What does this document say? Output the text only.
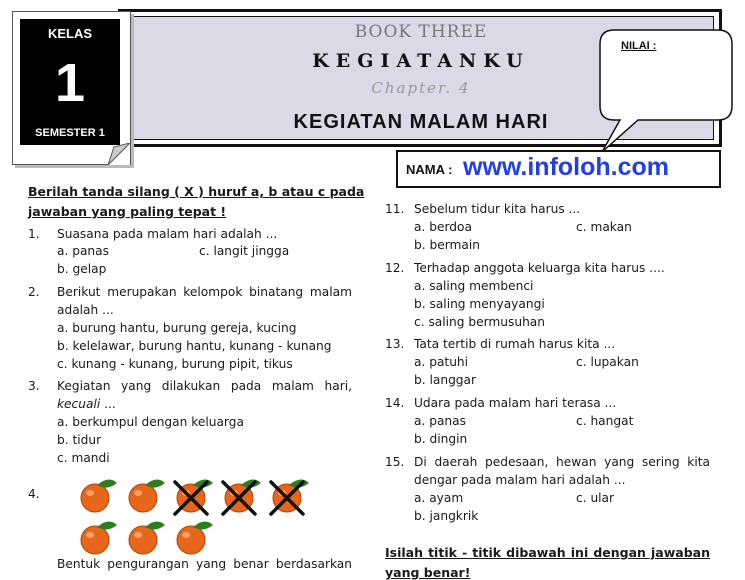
BOOK THREE
KEGIATANKU
Chapter. 4
KEGIATAN MALAM HARI
KELAS
1
SEMESTER 1
NILAI :
NAMA : www.infoloh.com
Berilah tanda silang ( X ) huruf a, b atau c pada
jawaban yang paling tepat !
1. Suasana pada malam hari adalah ...
a. panas	c. langit jingga
b. gelap
2. Berikut merupakan kelompok binatang malam
adalah ...
a. burung hantu, burung gereja, kucing
b. kelelawar, burung hantu, kunang - kunang
c. kunang - kunang, burung pipit, tikus
3. Kegiatan yang dilakukan pada malam hari,
kecuali ...
a. berkumpul dengan keluarga
b. tidur
c. mandi
4.
Bentuk pengurangan yang benar berdasarkan
11. Sebelum tidur kita harus ...
a. berdoa	c. makan
b. bermain
12. Terhadap anggota keluarga kita harus ....
a. saling membenci
b. saling menyayangi
c. saling bermusuhan
13. Tata tertib di rumah harus kita ...
a. patuhi	c. lupakan
b. langgar
14. Udara pada malam hari terasa ...
a. panas	c. hangat
b. dingin
15. Di daerah pedesaan, hewan yang sering kita
dengar pada malam hari adalah ...
a. ayam	c. ular
b. jangkrik
Isilah titik - titik dibawah ini dengan jawaban
yang benar!
